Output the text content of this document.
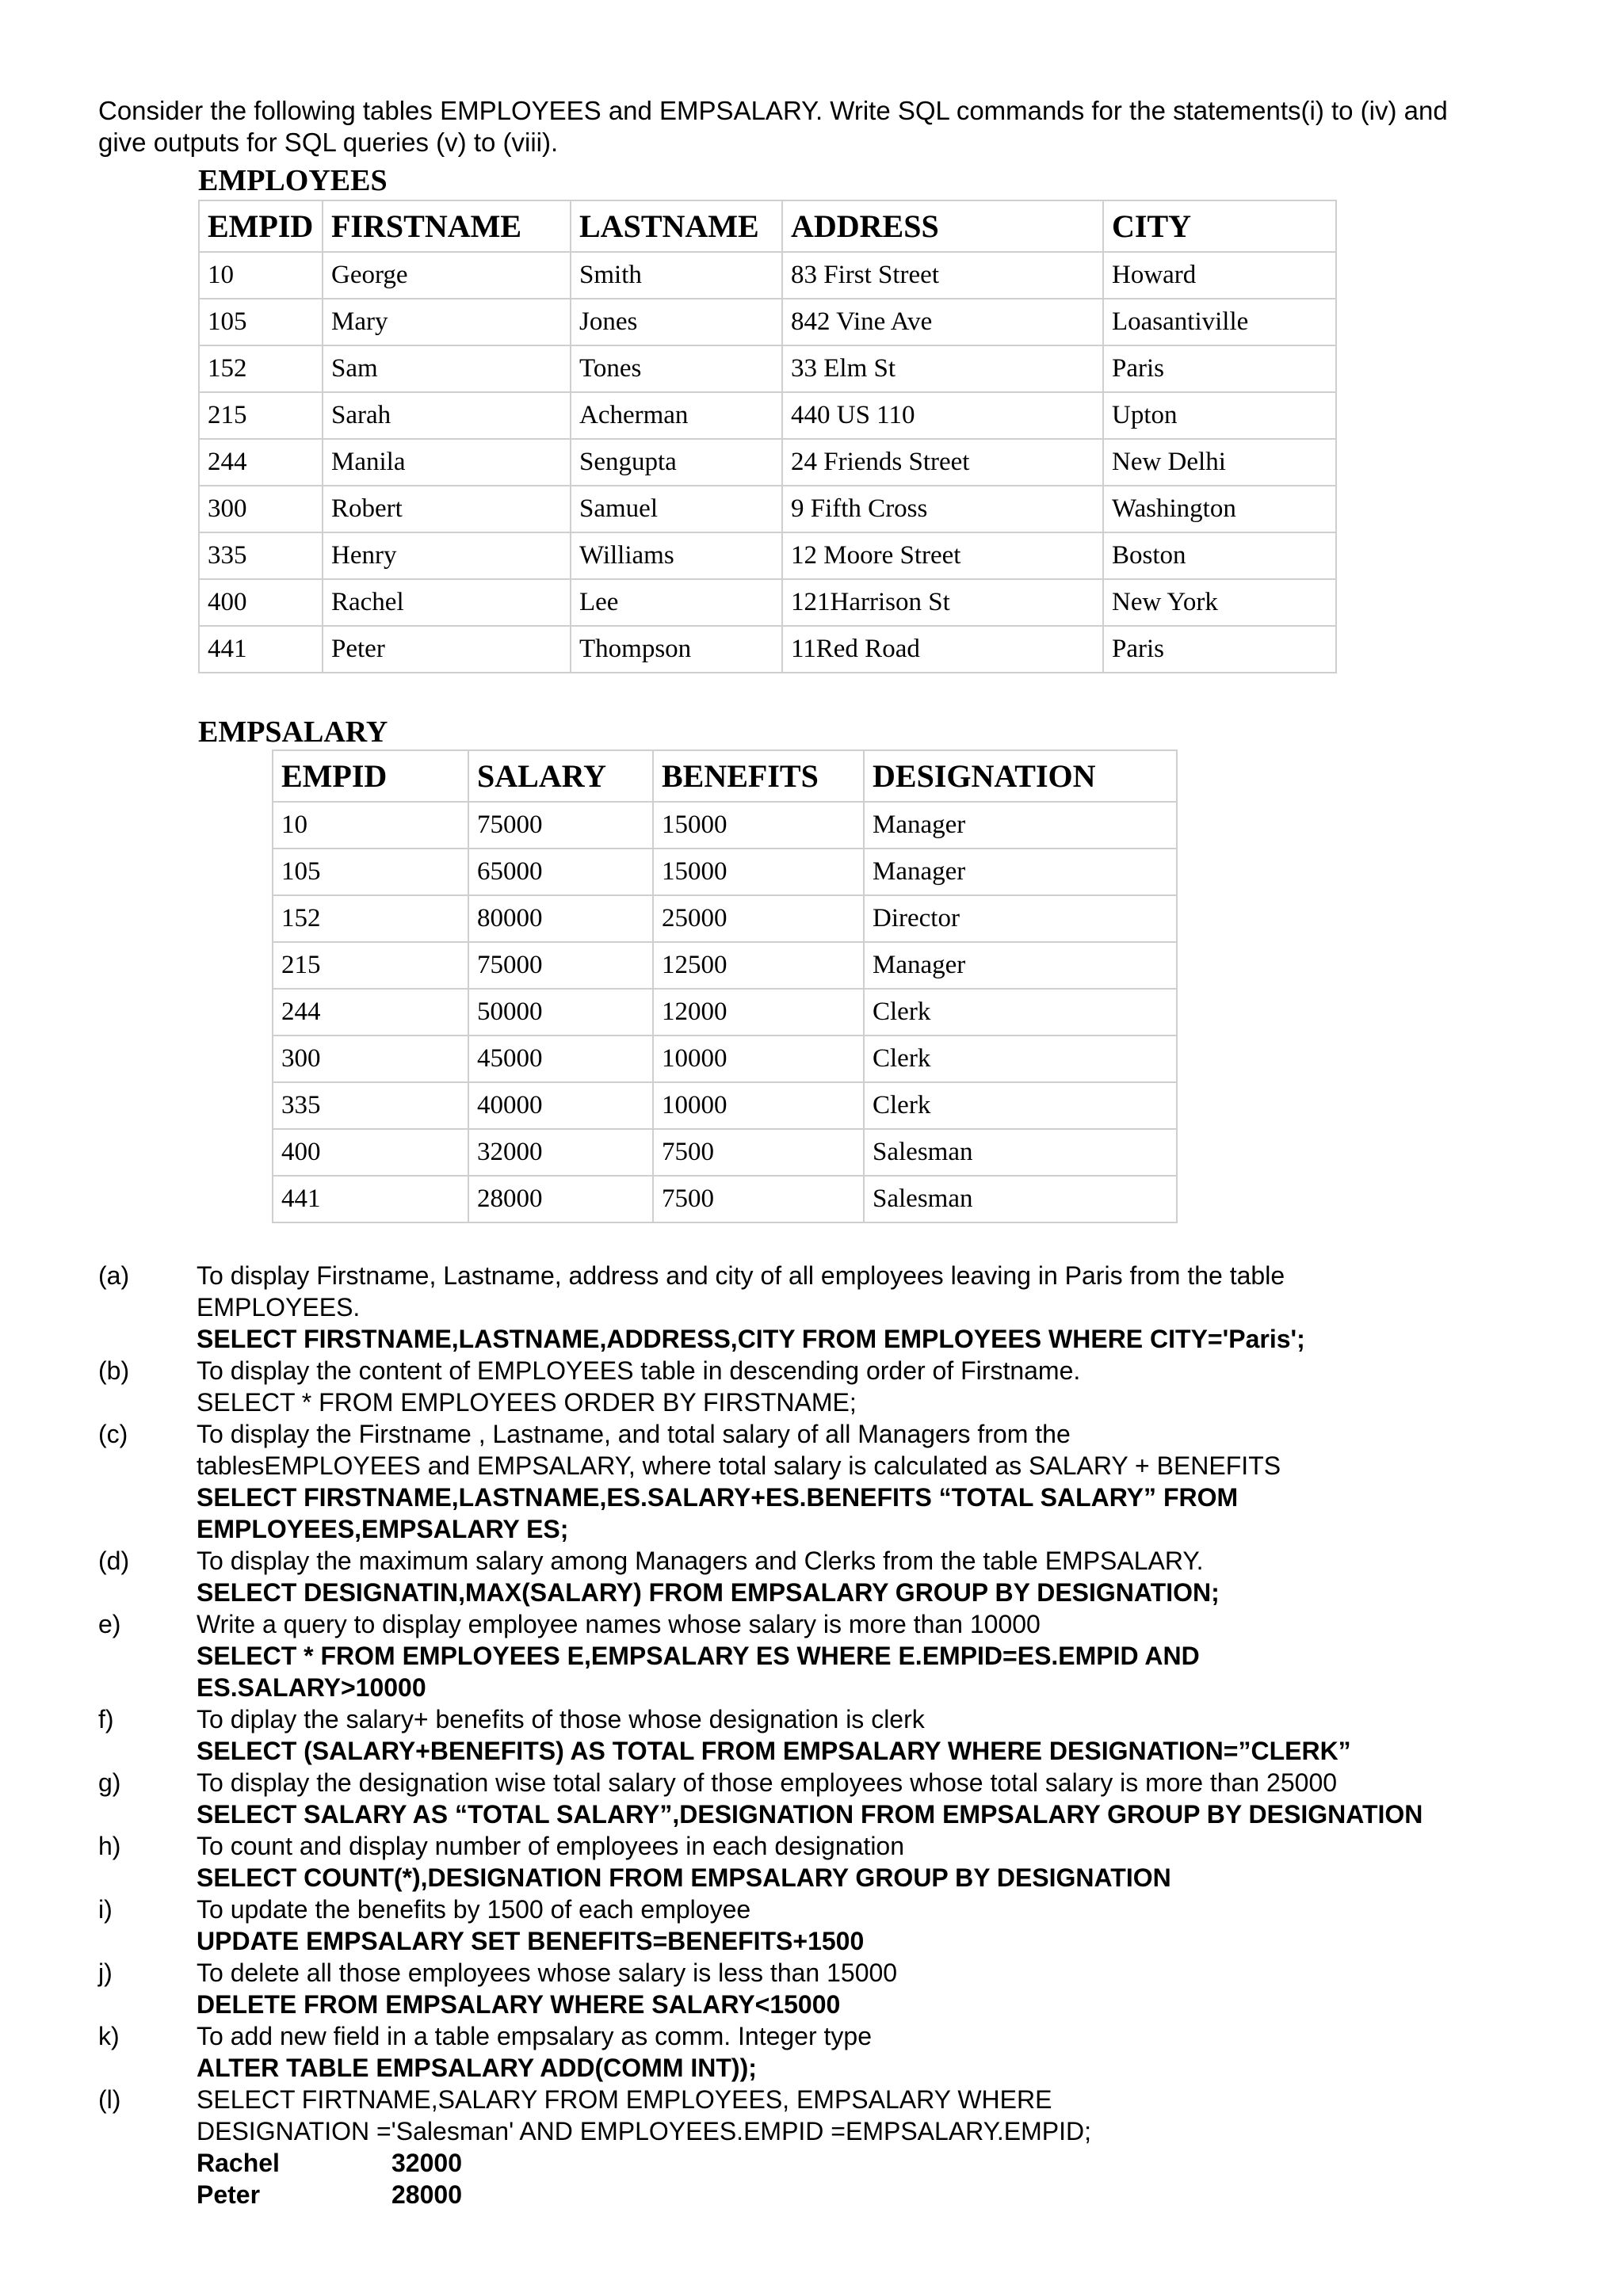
Consider the following tables EMPLOYEES and EMPSALARY. Write SQL commands for the statements(i) to (iv) and
give outputs for SQL queries (v) to (viii).
EMPLOYEES
EMPID	FIRSTNAME	LASTNAME	ADDRESS	CITY
10	George	Smith	83 First Street	Howard
105	Mary	Jones	842 Vine Ave	Loasantiville
152	Sam	Tones	33 Elm St	Paris
215	Sarah	Acherman	440 US 110	Upton
244	Manila	Sengupta	24 Friends Street	New Delhi
300	Robert	Samuel	9 Fifth Cross	Washington
335	Henry	Williams	12 Moore Street	Boston
400	Rachel	Lee	121Harrison St	New York
441	Peter	Thompson	11Red Road	Paris
EMPSALARY
EMPID	SALARY	BENEFITS	DESIGNATION
10	75000	15000	Manager
105	65000	15000	Manager
152	80000	25000	Director
215	75000	12500	Manager
244	50000	12000	Clerk
300	45000	10000	Clerk
335	40000	10000	Clerk
400	32000	7500	Salesman
441	28000	7500	Salesman
(a)	To display Firstname, Lastname, address and city of all employees leaving in Paris from the table
EMPLOYEES.
SELECT FIRSTNAME,LASTNAME,ADDRESS,CITY FROM EMPLOYEES WHERE CITY='Paris';
(b)	To display the content of EMPLOYEES table in descending order of Firstname.
SELECT * FROM EMPLOYEES ORDER BY FIRSTNAME;
(c)	To display the Firstname , Lastname, and total salary of all Managers from the
tablesEMPLOYEES and EMPSALARY, where total salary is calculated as SALARY + BENEFITS
SELECT FIRSTNAME,LASTNAME,ES.SALARY+ES.BENEFITS “TOTAL SALARY” FROM
EMPLOYEES,EMPSALARY ES;
(d)	To display the maximum salary among Managers and Clerks from the table EMPSALARY.
SELECT DESIGNATIN,MAX(SALARY) FROM EMPSALARY GROUP BY DESIGNATION;
e)	Write a query to display employee names whose salary is more than 10000
SELECT * FROM EMPLOYEES E,EMPSALARY ES WHERE E.EMPID=ES.EMPID AND
ES.SALARY>10000
f)	To diplay the salary+ benefits of those whose designation is clerk
SELECT (SALARY+BENEFITS) AS TOTAL FROM EMPSALARY WHERE DESIGNATION=”CLERK”
g)	To display the designation wise total salary of those employees whose total salary is more than 25000
SELECT SALARY AS “TOTAL SALARY”,DESIGNATION FROM EMPSALARY GROUP BY DESIGNATION
h)	To count and display number of employees in each designation
SELECT COUNT(*),DESIGNATION FROM EMPSALARY GROUP BY DESIGNATION
i)	To update the benefits by 1500 of each employee
UPDATE EMPSALARY SET BENEFITS=BENEFITS+1500
j)	To delete all those employees whose salary is less than 15000
DELETE FROM EMPSALARY WHERE SALARY<15000
k)	To add new field in a table empsalary as comm. Integer type
ALTER TABLE EMPSALARY ADD(COMM INT));
(l)	SELECT FIRTNAME,SALARY FROM EMPLOYEES, EMPSALARY WHERE
DESIGNATION ='Salesman' AND EMPLOYEES.EMPID =EMPSALARY.EMPID;
Rachel	32000
Peter	28000
